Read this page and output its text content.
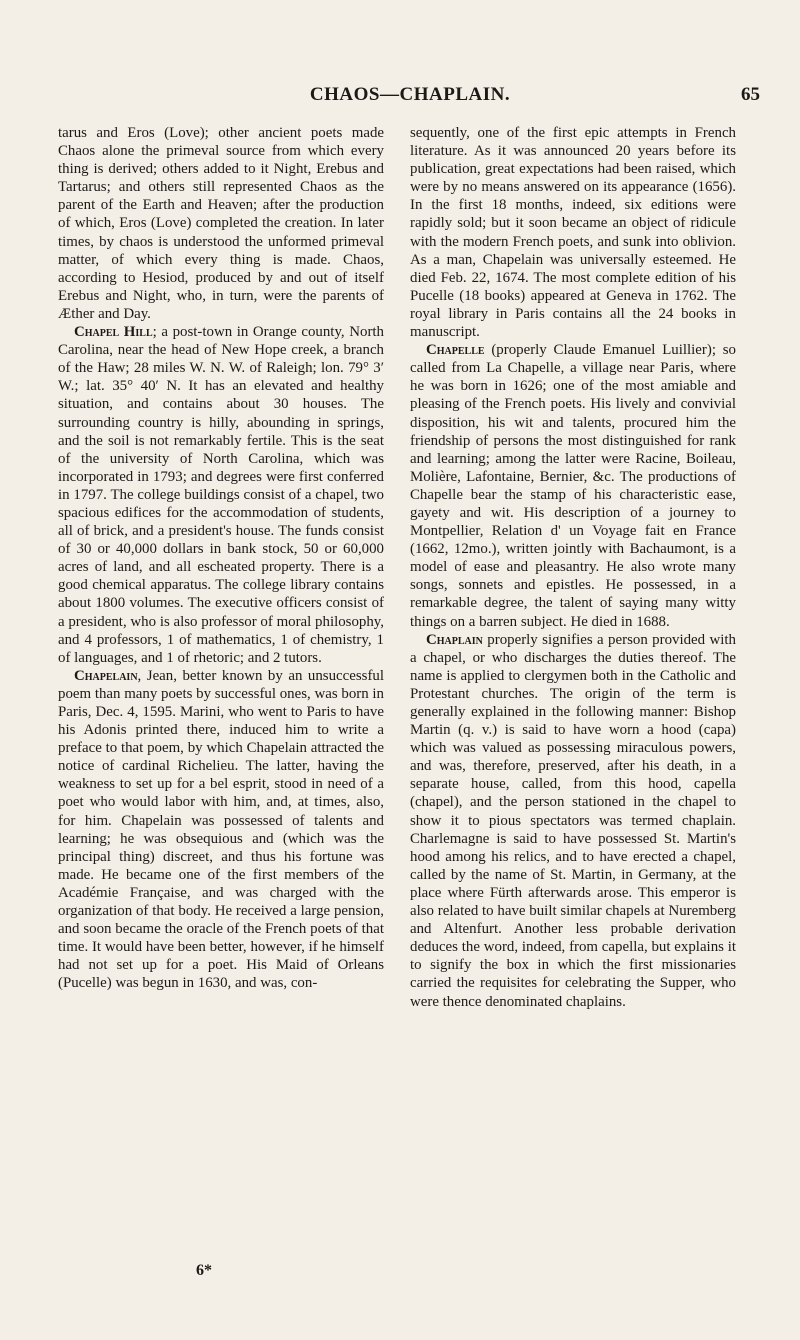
CHAOS—CHAPLAIN.	65

tarus and Eros (Love); other ancient poets made Chaos alone the primeval source from which every thing is derived; others added to it Night, Erebus and Tartarus; and others still represented Chaos as the parent of the Earth and Heaven; after the production of which, Eros (Love) completed the creation. In later times, by chaos is understood the unformed primeval matter, of which every thing is made. Chaos, according to Hesiod, produced by and out of itself Erebus and Night, who, in turn, were the parents of Æther and Day.

Chapel Hill; a post-town in Orange county, North Carolina, near the head of New Hope creek, a branch of the Haw; 28 miles W. N. W. of Raleigh; lon. 79° 3′ W.; lat. 35° 40′ N. It has an elevated and healthy situation, and contains about 30 houses. The surrounding country is hilly, abounding in springs, and the soil is not remarkably fertile. This is the seat of the university of North Carolina, which was incorporated in 1793; and degrees were first conferred in 1797. The college buildings consist of a chapel, two spacious edifices for the accommodation of students, all of brick, and a president's house. The funds consist of 30 or 40,000 dollars in bank stock, 50 or 60,000 acres of land, and all escheated property. There is a good chemical apparatus. The college library contains about 1800 volumes. The executive officers consist of a president, who is also professor of moral philosophy, and 4 professors, 1 of mathematics, 1 of chemistry, 1 of languages, and 1 of rhetoric; and 2 tutors.

Chapelain, Jean, better known by an unsuccessful poem than many poets by successful ones, was born in Paris, Dec. 4, 1595. Marini, who went to Paris to have his Adonis printed there, induced him to write a preface to that poem, by which Chapelain attracted the notice of cardinal Richelieu. The latter, having the weakness to set up for a bel esprit, stood in need of a poet who would labor with him, and, at times, also, for him. Chapelain was possessed of talents and learning; he was obsequious and (which was the principal thing) discreet, and thus his fortune was made. He became one of the first members of the Académie Française, and was charged with the organization of that body. He received a large pension, and soon became the oracle of the French poets of that time. It would have been better, however, if he himself had not set up for a poet. His Maid of Orleans (Pucelle) was begun in 1630, and was, con-

6*

sequently, one of the first epic attempts in French literature. As it was announced 20 years before its publication, great expectations had been raised, which were by no means answered on its appearance (1656). In the first 18 months, indeed, six editions were rapidly sold; but it soon became an object of ridicule with the modern French poets, and sunk into oblivion. As a man, Chapelain was universally esteemed. He died Feb. 22, 1674. The most complete edition of his Pucelle (18 books) appeared at Geneva in 1762. The royal library in Paris contains all the 24 books in manuscript.

Chapelle (properly Claude Emanuel Luillier); so called from La Chapelle, a village near Paris, where he was born in 1626; one of the most amiable and pleasing of the French poets. His lively and convivial disposition, his wit and talents, procured him the friendship of persons the most distinguished for rank and learning; among the latter were Racine, Boileau, Molière, Lafontaine, Bernier, &c. The productions of Chapelle bear the stamp of his characteristic ease, gayety and wit. His description of a journey to Montpellier, Relation d' un Voyage fait en France (1662, 12mo.), written jointly with Bachaumont, is a model of ease and pleasantry. He also wrote many songs, sonnets and epistles. He possessed, in a remarkable degree, the talent of saying many witty things on a barren subject. He died in 1688.

Chaplain properly signifies a person provided with a chapel, or who discharges the duties thereof. The name is applied to clergymen both in the Catholic and Protestant churches. The origin of the term is generally explained in the following manner: Bishop Martin (q. v.) is said to have worn a hood (capa) which was valued as possessing miraculous powers, and was, therefore, preserved, after his death, in a separate house, called, from this hood, capella (chapel), and the person stationed in the chapel to show it to pious spectators was termed chaplain. Charlemagne is said to have possessed St. Martin's hood among his relics, and to have erected a chapel, called by the name of St. Martin, in Germany, at the place where Fürth afterwards arose. This emperor is also related to have built similar chapels at Nuremberg and Altenfurt. Another less probable derivation deduces the word, indeed, from capella, but explains it to signify the box in which the first missionaries carried the requisites for celebrating the Supper, who were thence denominated chaplains.
